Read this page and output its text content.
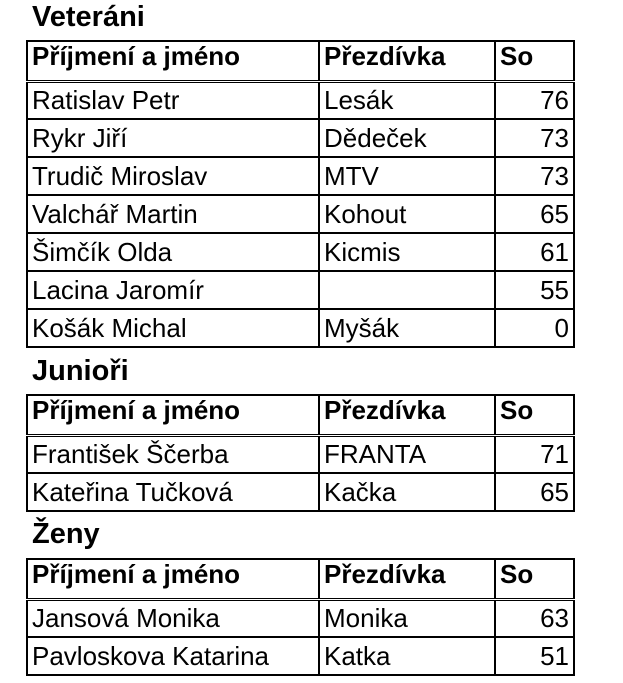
Veteráni
Příjmení a jméno	Přezdívka	So
Ratislav Petr	Lesák	76
Rykr Jiří	Dědeček	73
Trudič Miroslav	MTV	73
Valchář Martin	Kohout	65
Šimčík Olda	Kicmis	61
Lacina Jaromír		55
Košák Michal	Myšák	0
Junioři
Příjmení a jméno	Přezdívka	So
František Ščerba	FRANTA	71
Kateřina Tučková	Kačka	65
Ženy
Příjmení a jméno	Přezdívka	So
Jansová Monika	Monika	63
Pavloskova Katarina	Katka	51
